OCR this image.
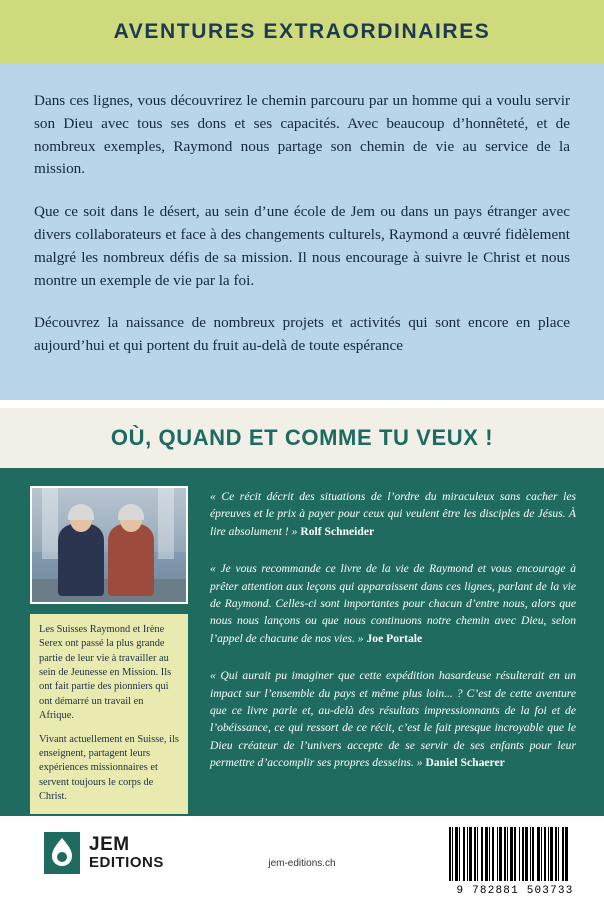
AVENTURES EXTRAORDINAIRES

Dans ces lignes, vous découvrirez le chemin parcouru par un homme qui a voulu servir son Dieu avec tous ses dons et ses capacités. Avec beaucoup d’honnêteté, et de nombreux exemples, Raymond nous partage son chemin de vie au service de la mission.

Que ce soit dans le désert, au sein d’une école de Jem ou dans un pays étranger avec divers collaborateurs et face à des changements culturels, Raymond a œuvré fidèlement malgré les nombreux défis de sa mission. Il nous encourage à suivre le Christ et nous montre un exemple de vie par la foi.

Découvrez la naissance de nombreux projets et activités qui sont encore en place aujourd’hui et qui portent du fruit au-delà de toute espérance

OÙ, QUAND ET COMME TU VEUX !

Les Suisses Raymond et Irène Serex ont passé la plus grande partie de leur vie à travailler au sein de Jeunesse en Mission. Ils ont fait partie des pionniers qui ont démarré un travail en Afrique.

Vivant actuellement en Suisse, ils enseignent, partagent leurs expériences missionnaires et servent toujours le corps de Christ.

« Ce récit décrit des situations de l’ordre du miraculeux sans cacher les épreuves et le prix à payer pour ceux qui veulent être les disciples de Jésus. À lire absolument ! » Rolf Schneider

« Je vous recommande ce livre de la vie de Raymond et vous encourage à prêter attention aux leçons qui apparaissent dans ces lignes, parlant de la vie de Raymond. Celles-ci sont importantes pour chacun d’entre nous, alors que nous nous lançons ou que nous continuons notre chemin avec Dieu, selon l’appel de chacune de nos vies. » Joe Portale

« Qui aurait pu imaginer que cette expédition hasardeuse résulterait en un impact sur l’ensemble du pays et même plus loin... ? C’est de cette aventure que ce livre parle et, au-delà des résultats impressionnants de la foi et de l’obéissance, ce qui ressort de ce récit, c’est le fait presque incroyable que le Dieu créateur de l’univers accepte de se servir de ses enfants pour leur permettre d’accomplir ses propres desseins. » Daniel Schaerer

JEM
EDITIONS	jem-editions.ch
9 782881 503733
